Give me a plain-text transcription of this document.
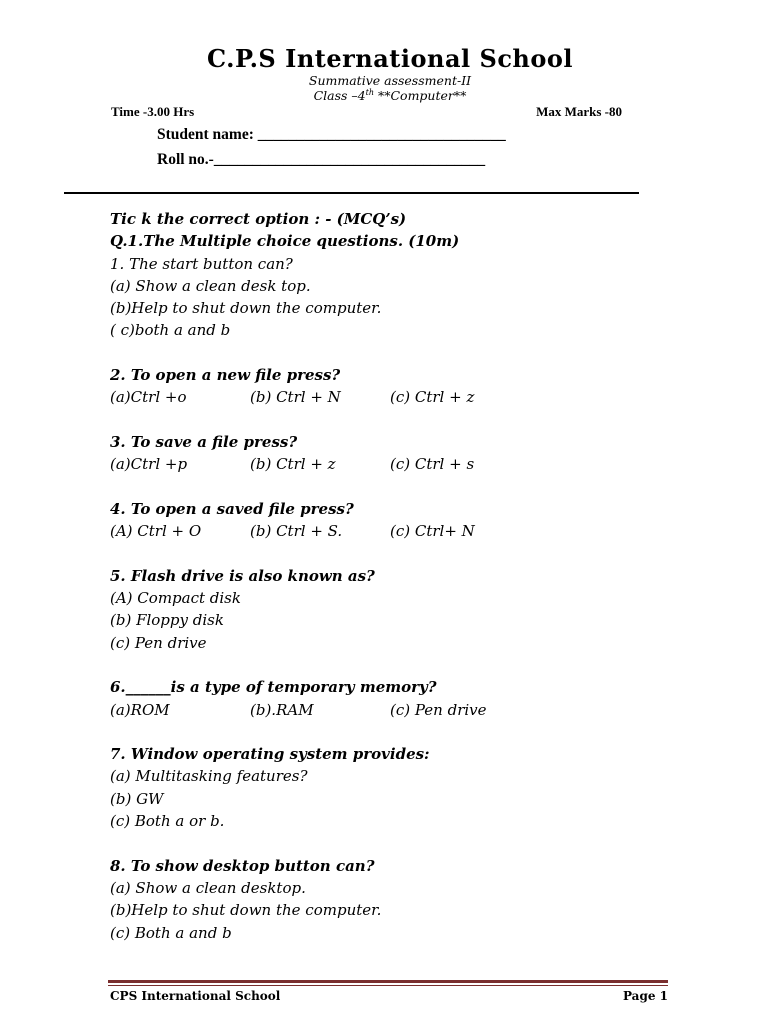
C.P.S International School
Summative assessment-II
Class –4th **Computer**
Time -3.00 Hrs	Max Marks -80
Student name: ________________________________
Roll no.-___________________________________
Tic k the correct option : - (MCQ’s)
Q.1.The Multiple choice questions. (10m)
1. The start button can?
(a) Show a clean desk top.
(b)Help to shut down the computer.
( c)both a and b
2. To open a new file press?
(a)Ctrl +o	(b) Ctrl + N	(c) Ctrl + z
3. To save a file press?
(a)Ctrl +p	(b) Ctrl + z	(c) Ctrl + s
4. To open a saved file press?
(A) Ctrl + O	(b) Ctrl + S.	(c) Ctrl+ N
5. Flash drive is also known as?
(A) Compact disk
(b) Floppy disk
(c) Pen drive
6.______is a type of temporary memory?
(a)ROM	(b).RAM	(c) Pen drive
7. Window operating system provides:
(a) Multitasking features?
(b) GW
(c) Both a or b.
8. To show desktop button can?
(a) Show a clean desktop.
(b)Help to shut down the computer.
(c) Both a and b
CPS International School	Page 1
